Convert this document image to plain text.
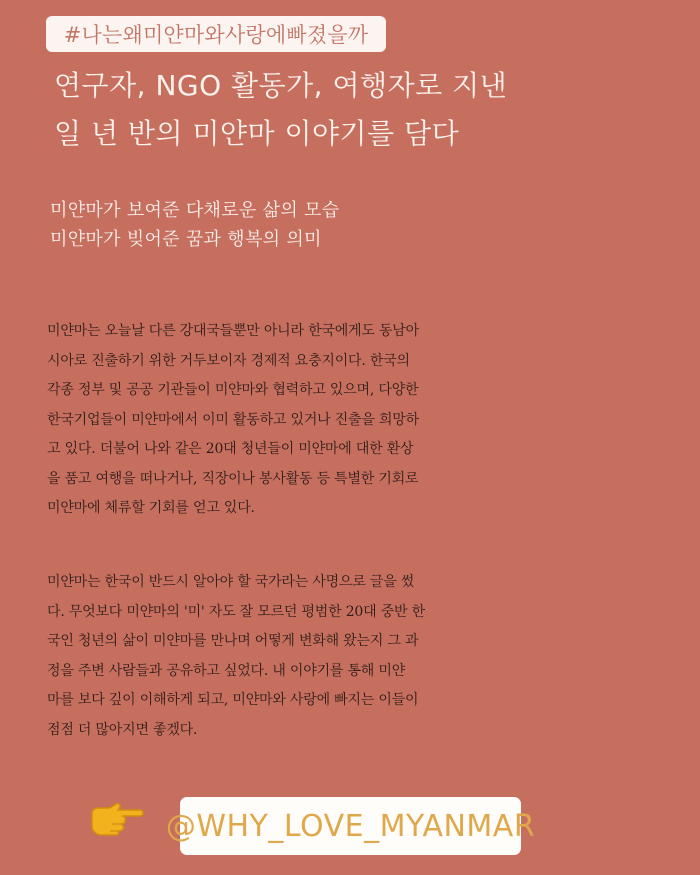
#나는왜미얀마와사랑에빠졌을까
연구자, NGO 활동가, 여행자로 지낸
일 년 반의 미얀마 이야기를 담다
미얀마가 보여준 다채로운 삶의 모습
미얀마가 빚어준 꿈과 행복의 의미
미얀마는 오늘날 다른 강대국들뿐만 아니라 한국에게도 동남아
시아로 진출하기 위한 거두보이자 경제적 요충지이다. 한국의
각종 정부 및 공공 기관들이 미얀마와 협력하고 있으며, 다양한
한국기업들이 미얀마에서 이미 활동하고 있거나 진출을 희망하
고 있다. 더불어 나와 같은 20대 청년들이 미얀마에 대한 환상
을 품고 여행을 떠나거나, 직장이나 봉사활동 등 특별한 기회로
미얀마에 체류할 기회를 얻고 있다.
미얀마는 한국이 반드시 알아야 할 국가라는 사명으로 글을 썼
다. 무엇보다 미얀마의 '미' 자도 잘 모르던 평범한 20대 중반 한
국인 청년의 삶이 미얀마를 만나며 어떻게 변화해 왔는지 그 과
정을 주변 사람들과 공유하고 싶었다. 내 이야기를 통해 미얀
마를 보다 깊이 이해하게 되고, 미얀마와 사랑에 빠지는 이들이
점점 더 많아지면 좋겠다.
@WHY_LOVE_MYANMAR
